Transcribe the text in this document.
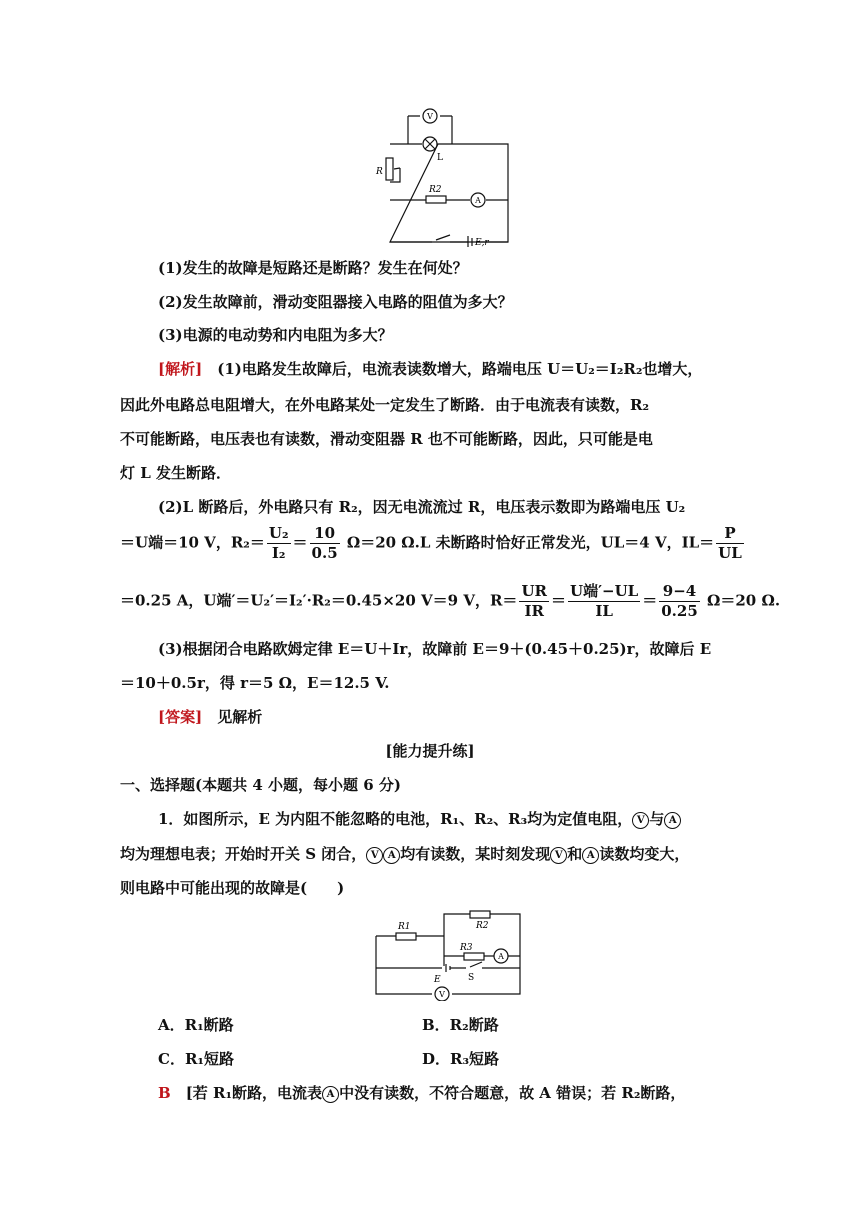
V
L
R
R2
A
E,r
(1)发生的故障是短路还是断路？发生在何处？
(2)发生故障前，滑动变阻器接入电路的阻值为多大？
(3)电源的电动势和内电阻为多大？
[解析]　 (1)电路发生故障后，电流表读数增大，路端电压 U＝U₂＝I₂R₂也增大，
因此外电路总电阻增大，在外电路某处一定发生了断路．由于电流表有读数，R₂
不可能断路，电压表也有读数，滑动变阻器 R 也不可能断路，因此，只可能是电
灯 L 发生断路．
(2)L 断路后，外电路只有 R₂，因无电流流过 R，电压表示数即为路端电压 U₂
＝U端＝10 V，$R_2= \frac{\text{U₂}}{\text{I₂}} = \frac{10}{0.5} \Omega=20$ Ω.L 未断路时恰好正常发光，UL＝4 V，$IL= \frac{P}{UL}$
＝0.25 A，U端′＝U₂′＝I₂′·R₂＝0.45×20 V＝9 V，$R= \frac{UR}{IR} = \frac{\text{U端′−UL}}{IL} = \frac{9-4}{0.25} \Omega=20$ Ω.
(3)根据闭合电路欧姆定律 E＝U＋Ir，故障前 E＝9＋(0.45＋0.25)r，故障后 E
＝10＋0.5r，得 r＝5 Ω，E＝12.5 V.
[答案]　 见解析
[能力提升练]
一、选择题(本题共 4 小题，每小题 6 分)
1．如图所示，E 为内阻不能忽略的电池，R₁、R₂、R₃均为定值电阻， V 与 A
均为理想电表；开始时开关 S 闭合， V A 均有读数，某时刻发现 V 和 A 读数均变大，
则电路中可能出现的故障是(　　)
R1	R2
R3
A
E	S
V
A．R₁断路	B．R₂断路
C．R₁短路	D．R₃短路
B　 [若 R₁断路，电流表 A 中没有读数，不符合题意，故 A 错误；若 R₂断路，
